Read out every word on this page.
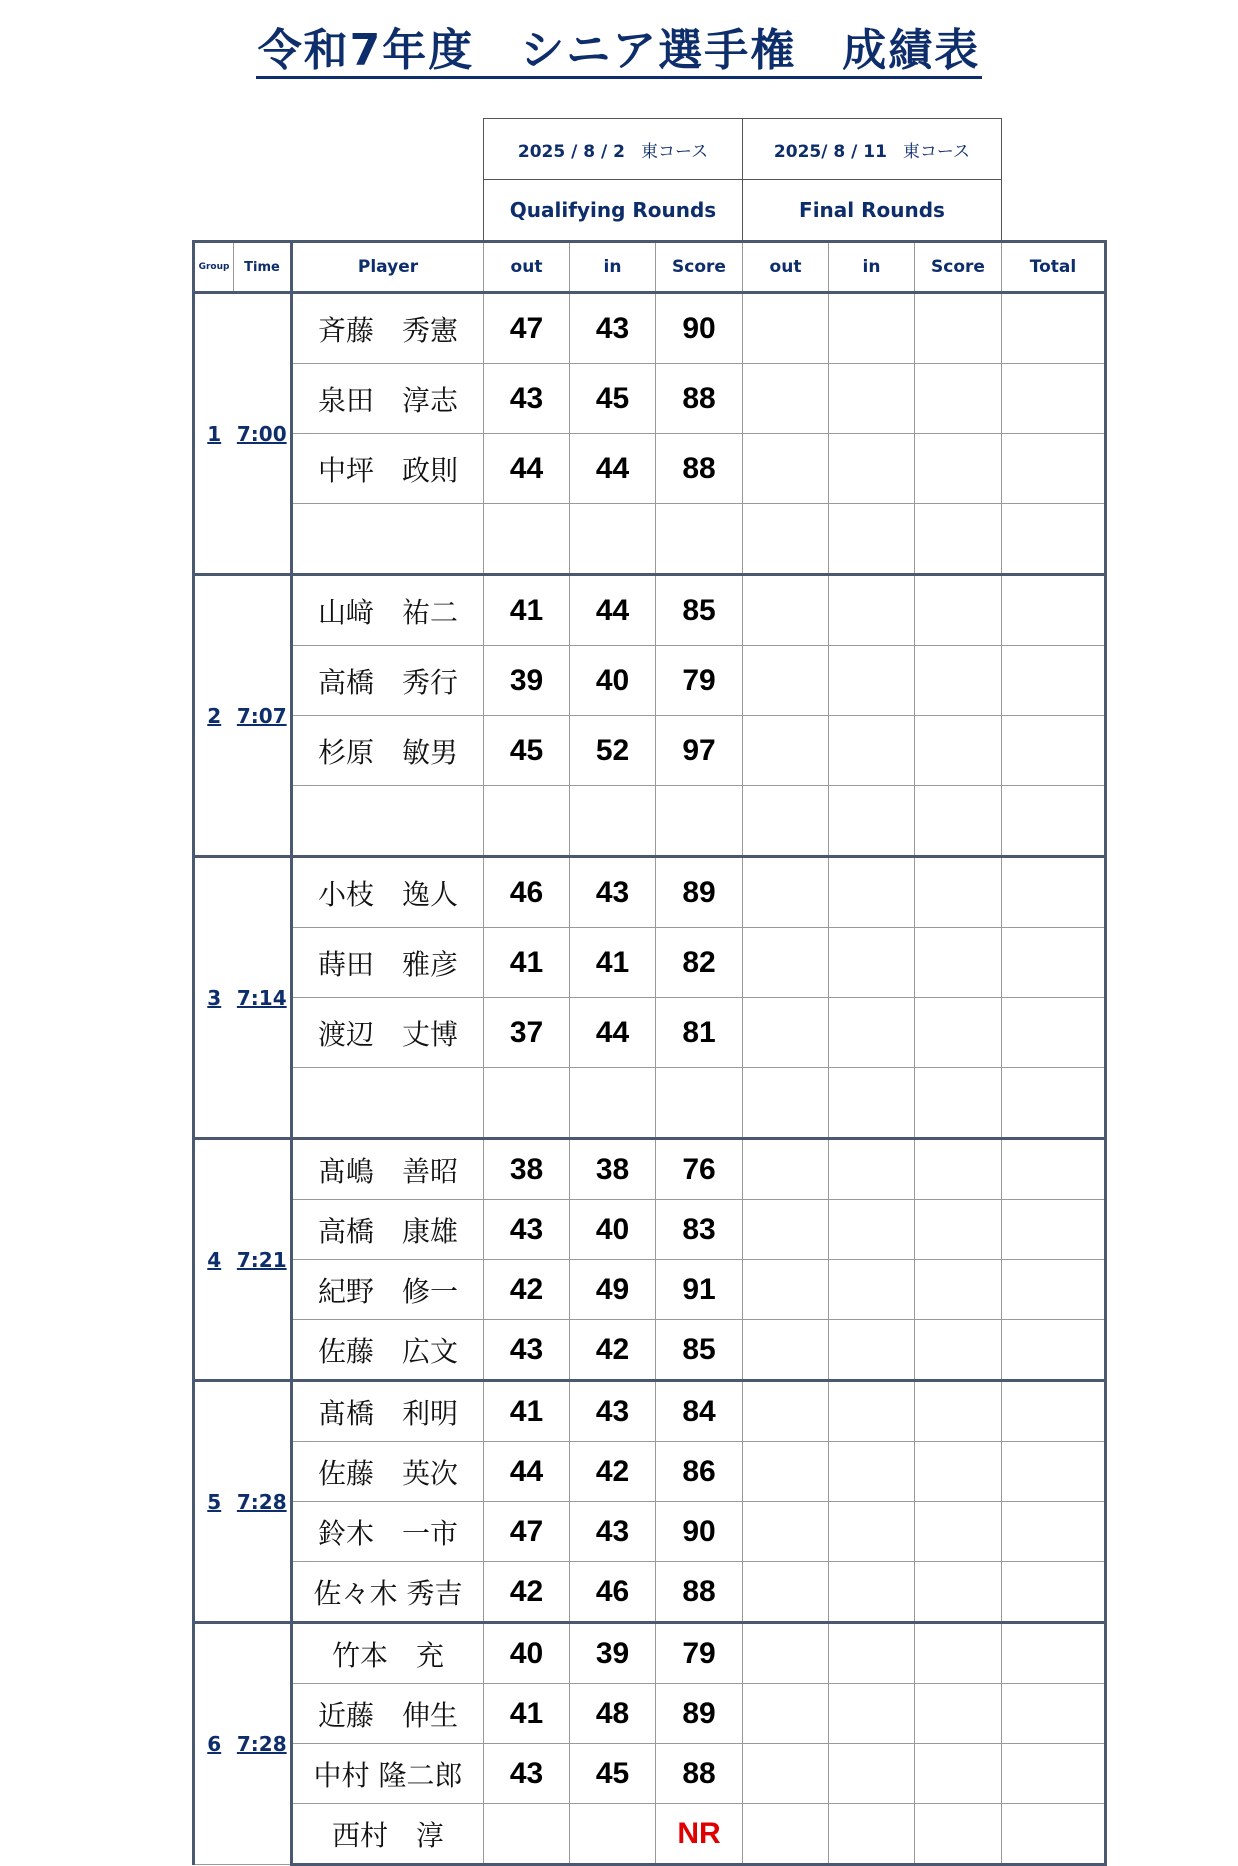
令和7年度　シニア選手権　成績表
			2025 / 8 / 2 東コース			2025/ 8 / 11 東コース			
			Qualifying Rounds			Final Rounds			
Group	Time	Player	out	in	Score	out	in	Score	Total
1	7:00	斉藤　秀憲	47	43	90				
		泉田　淳志	43	45	88				
		中坪　政則	44	44	88				

2	7:07	山﨑　祐二	41	44	85				
		高橋　秀行	39	40	79				
		杉原　敏男	45	52	97				

3	7:14	小枝　逸人	46	43	89				
		蒔田　雅彦	41	41	82				
		渡辺　丈博	37	44	81				

4	7:21	髙嶋　善昭	38	38	76				
		高橋　康雄	43	40	83				
		紀野　修一	42	49	91				
		佐藤　広文	43	42	85				
5	7:28	髙橋　利明	41	43	84				
		佐藤　英次	44	42	86				
		鈴木　一市	47	43	90				
		佐々木 秀吉	42	46	88				
6	7:28	竹本　充	40	39	79				
		近藤　伸生	41	48	89				
		中村 隆二郎	43	45	88				
		西村　淳			NR				
